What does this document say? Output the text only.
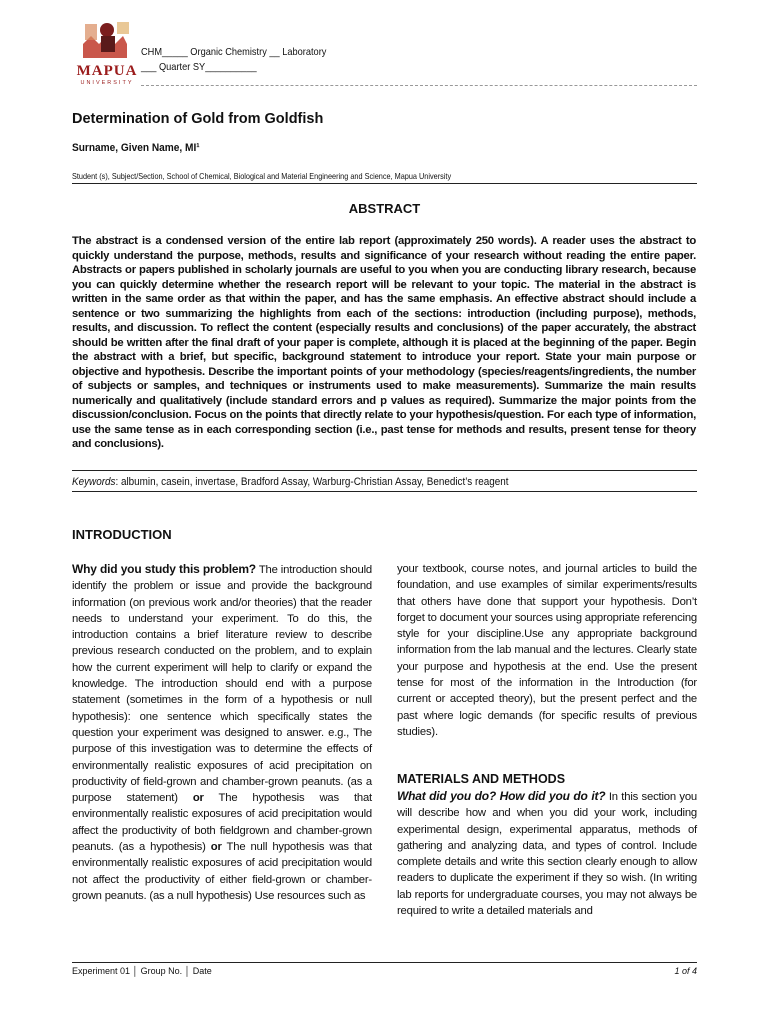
MAPUA
UNIVERSITY
CHM_____ Organic Chemistry __ Laboratory
___ Quarter SY__________
Determination of Gold from Goldfish
Surname, Given Name, MI¹
Student (s), Subject/Section, School of Chemical, Biological and Material Engineering and Science, Mapua University
ABSTRACT
The abstract is a condensed version of the entire lab report (approximately 250 words). A reader uses the abstract to quickly understand the purpose, methods, results and significance of your research without reading the entire paper. Abstracts or papers published in scholarly journals are useful to you when you are conducting library research, because you can quickly determine whether the research report will be relevant to your topic. The material in the abstract is written in the same order as that within the paper, and has the same emphasis. An effective abstract should include a sentence or two summarizing the highlights from each of the sections: introduction (including purpose), methods, results, and discussion. To reflect the content (especially results and conclusions) of the paper accurately, the abstract should be written after the final draft of your paper is complete, although it is placed at the beginning of the paper. Begin the abstract with a brief, but specific, background statement to introduce your report. State your main purpose or objective and hypothesis. Describe the important points of your methodology (species/reagents/ingredients, the number of subjects or samples, and techniques or instruments used to make measurements). Summarize the main results numerically and qualitatively (include standard errors and p values as required). Summarize the major points from the discussion/conclusion. Focus on the points that directly relate to your hypothesis/question. For each type of information, use the same tense as in each corresponding section (i.e., past tense for methods and results, present tense for theory and conclusions).
Keywords: albumin, casein, invertase, Bradford Assay, Warburg-Christian Assay, Benedict’s reagent
INTRODUCTION
Why did you study this problem? The introduction should identify the problem or issue and provide the background information (on previous work and/or theories) that the reader needs to understand your experiment. To do this, the introduction contains a brief literature review to describe previous research conducted on the problem, and to explain how the current experiment will help to clarify or expand the knowledge. The introduction should end with a purpose statement (sometimes in the form of a hypothesis or null hypothesis): one sentence which specifically states the question your experiment was designed to answer. e.g., The purpose of this investigation was to determine the effects of environmentally realistic exposures of acid precipitation on productivity of field-grown and chamber-grown peanuts. (as a purpose statement) or The hypothesis was that environmentally realistic exposures of acid precipitation would affect the productivity of both fieldgrown and chamber-grown peanuts. (as a hypothesis) or The null hypothesis was that environmentally realistic exposures of acid precipitation would not affect the productivity of either field-grown or chamber-grown peanuts. (as a null hypothesis) Use resources such as
your textbook, course notes, and journal articles to build the foundation, and use examples of similar experiments/results that others have done that support your hypothesis. Don’t forget to document your sources using appropriate referencing style for your discipline.Use any appropriate background information from the lab manual and the lectures. Clearly state your purpose and hypothesis at the end. Use the present tense for most of the information in the Introduction (for current or accepted theory), but the present perfect and the past where logic demands (for specific results of previous studies).
MATERIALS AND METHODS
What did you do? How did you do it? In this section you will describe how and when you did your work, including experimental design, experimental apparatus, methods of gathering and analyzing data, and types of control. Include complete details and write this section clearly enough to allow readers to duplicate the experiment if they so wish. (In writing lab reports for undergraduate courses, you may not always be required to write a detailed materials and
Experiment 01 │ Group No. │ Date	1 of 4
